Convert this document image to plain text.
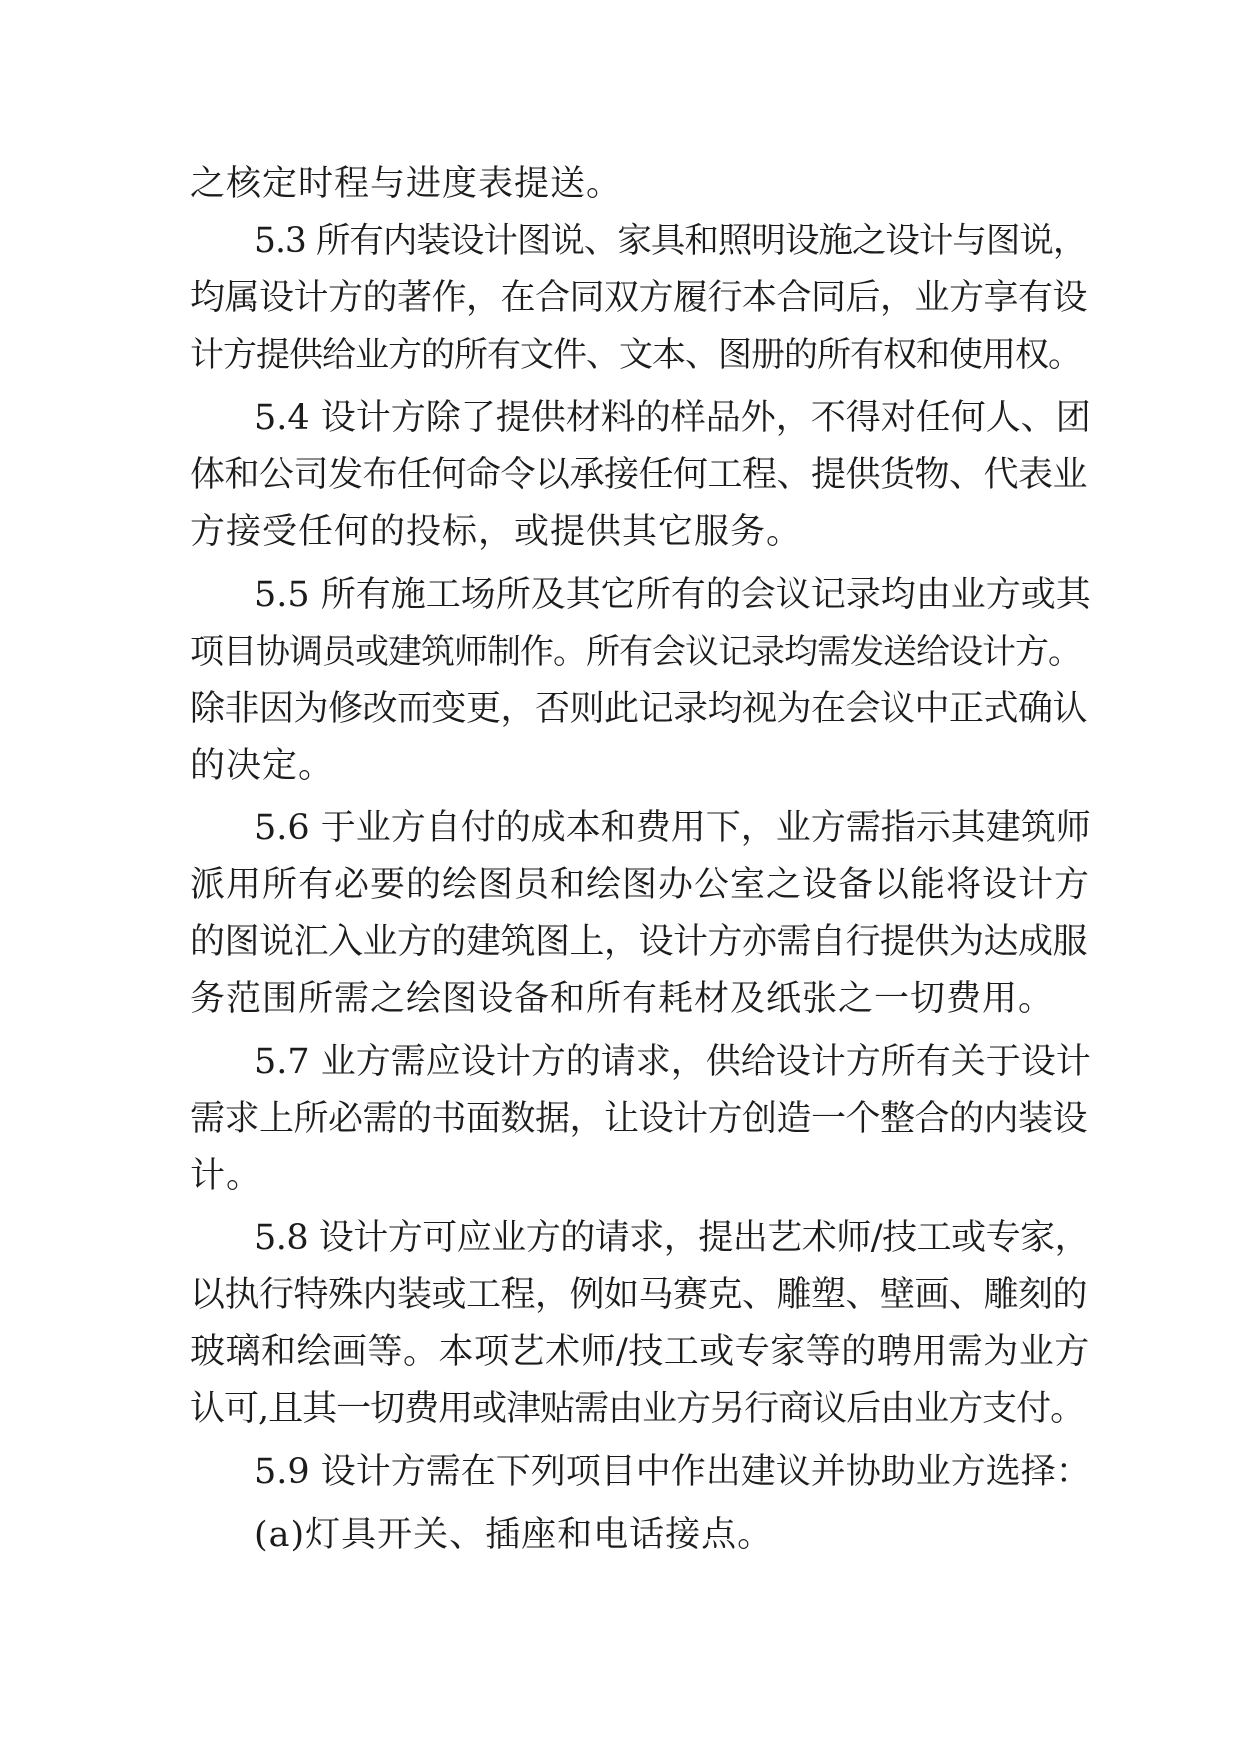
之核定时程与进度表提送。
5.3 所有内装设计图说、家具和照明设施之设计与图说，
均属设计方的著作，在合同双方履行本合同后，业方享有设
计方提供给业方的所有文件、文本、图册的所有权和使用权。
5.4 设计方除了提供材料的样品外，不得对任何人、团
体和公司发布任何命令以承接任何工程、提供货物、代表业
方接受任何的投标，或提供其它服务。
5.5 所有施工场所及其它所有的会议记录均由业方或其
项目协调员或建筑师制作。所有会议记录均需发送给设计方。
除非因为修改而变更，否则此记录均视为在会议中正式确认
的决定。
5.6 于业方自付的成本和费用下，业方需指示其建筑师
派用所有必要的绘图员和绘图办公室之设备以能将设计方
的图说汇入业方的建筑图上，设计方亦需自行提供为达成服
务范围所需之绘图设备和所有耗材及纸张之一切费用。
5.7 业方需应设计方的请求，供给设计方所有关于设计
需求上所必需的书面数据，让设计方创造一个整合的内装设
计。
5.8 设计方可应业方的请求，提出艺术师/技工或专家，
以执行特殊内装或工程，例如马赛克、雕塑、壁画、雕刻的
玻璃和绘画等。本项艺术师/技工或专家等的聘用需为业方
认可,且其一切费用或津贴需由业方另行商议后由业方支付。
5.9 设计方需在下列项目中作出建议并协助业方选择：
(a)灯具开关、插座和电话接点。
